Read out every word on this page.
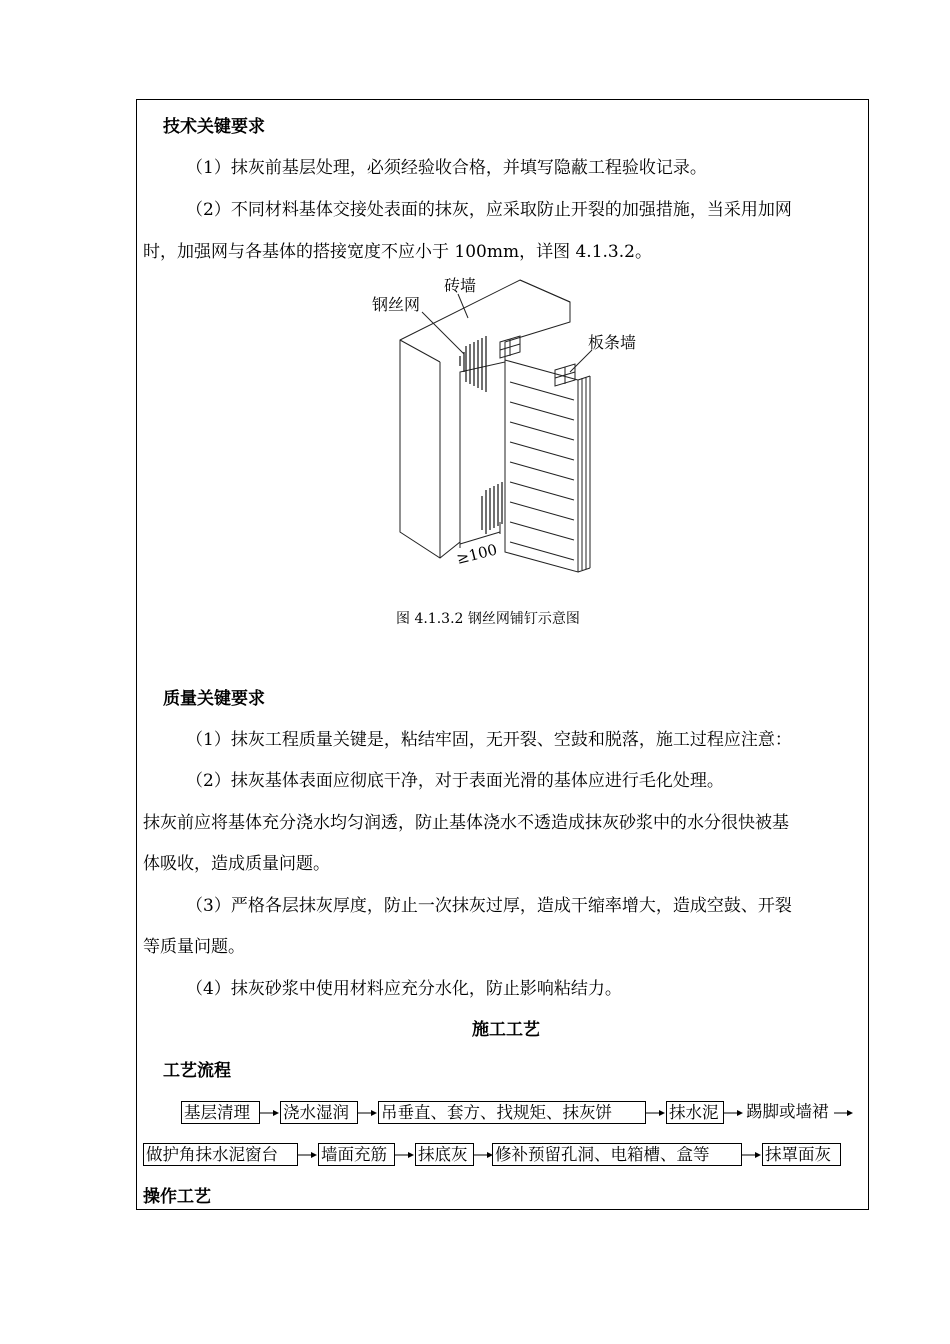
技术关键要求
（1）抹灰前基层处理，必须经验收合格，并填写隐蔽工程验收记录。
（2）不同材料基体交接处表面的抹灰，应采取防止开裂的加强措施，当采用加网
时，加强网与各基体的搭接宽度不应小于 100mm，详图 4.1.3.2。
砖墙
钢丝网
板条墙
≥100
图 4.1.3.2 钢丝网铺钉示意图
质量关键要求
（1）抹灰工程质量关键是，粘结牢固，无开裂、空鼓和脱落，施工过程应注意：
（2）抹灰基体表面应彻底干净，对于表面光滑的基体应进行毛化处理。
抹灰前应将基体充分浇水均匀润透，防止基体浇水不透造成抹灰砂浆中的水分很快被基
体吸收，造成质量问题。
（3）严格各层抹灰厚度，防止一次抹灰过厚，造成干缩率增大，造成空鼓、开裂
等质量问题。
（4）抹灰砂浆中使用材料应充分水化，防止影响粘结力。
施工工艺
工艺流程
基层清理	浇水湿润	吊垂直、套方、找规矩、抹灰饼	抹水泥	踢脚或墙裙
做护角抹水泥窗台	墙面充筋	抹底灰	修补预留孔洞、电箱槽、盒等	抹罩面灰
操作工艺
